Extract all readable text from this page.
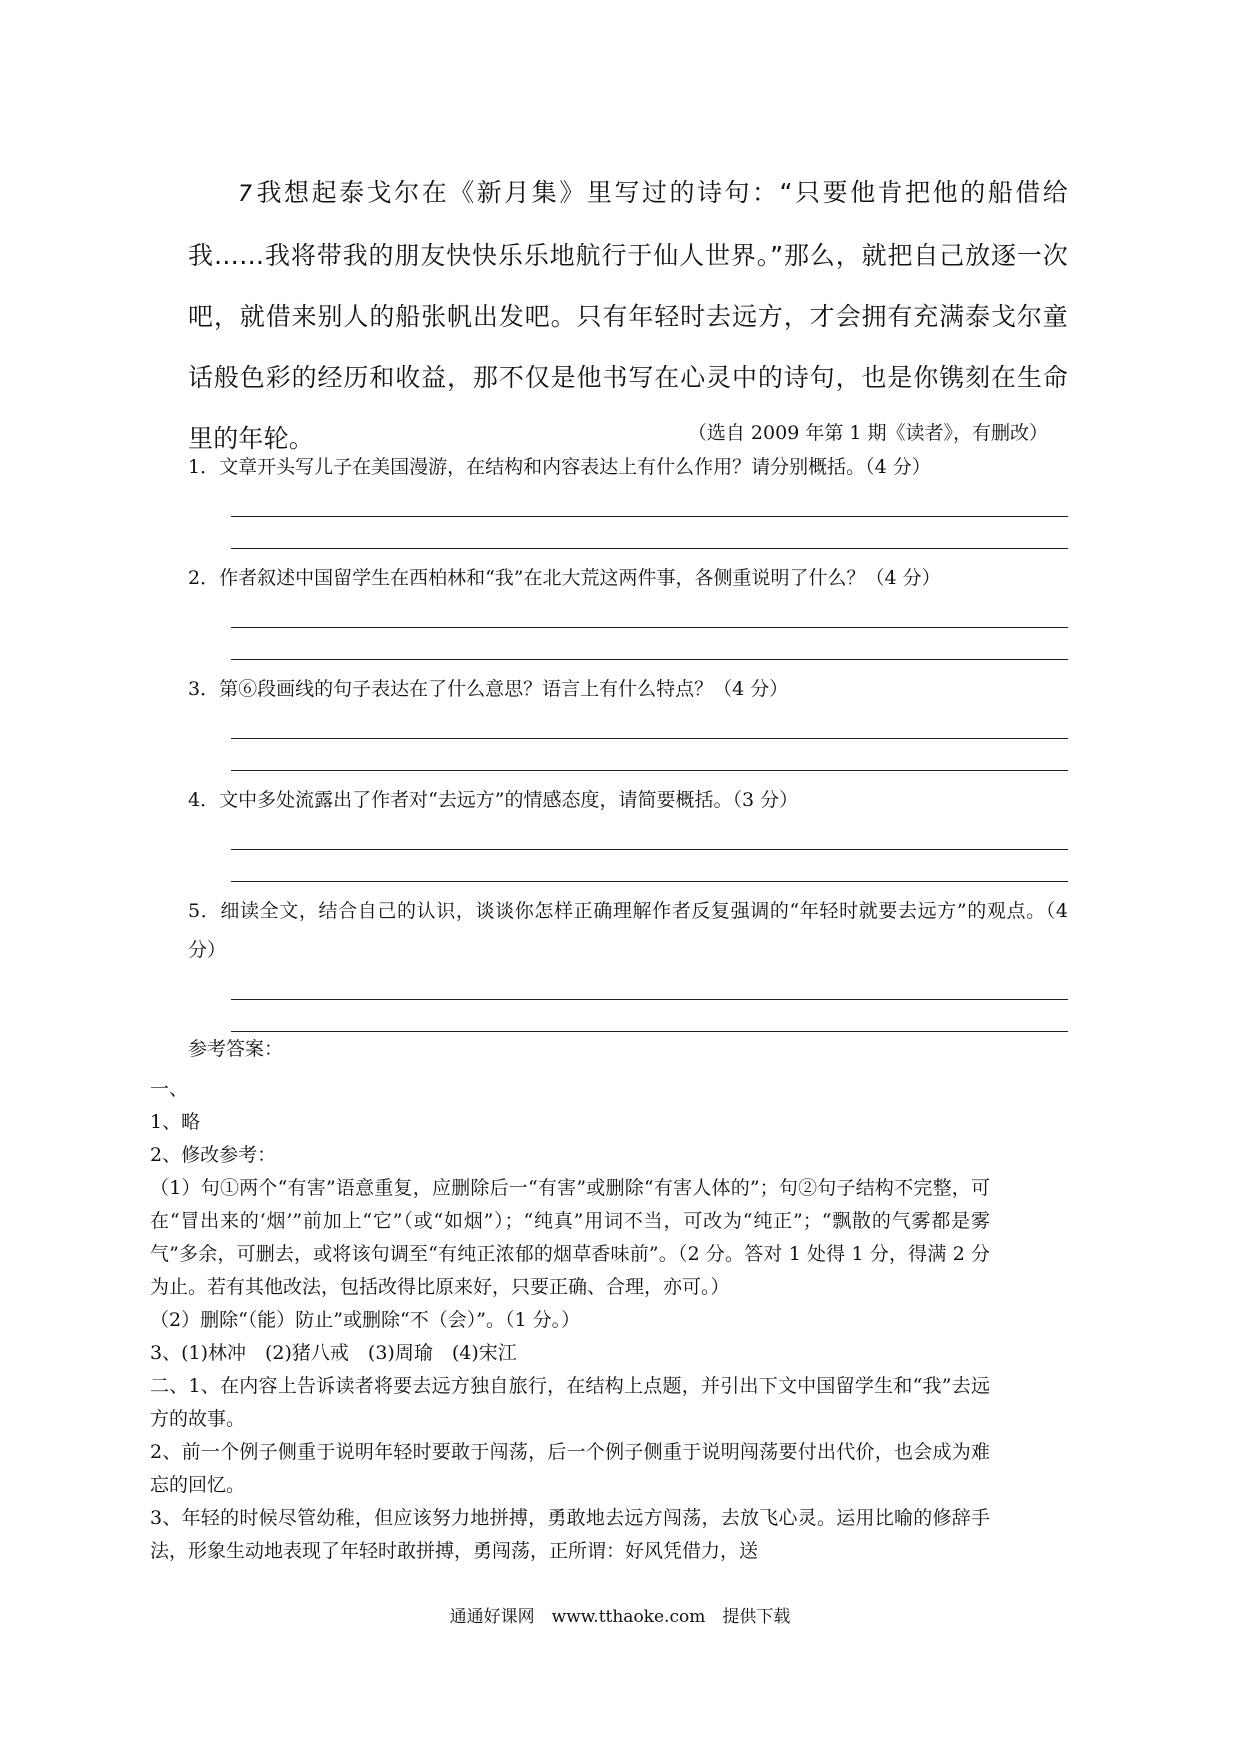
7我想起泰戈尔在《新月集》里写过的诗句：“只要他肯把他的船借给我……我将带我的朋友快快乐乐地航行于仙人世界。”那么，就把自己放逐一次吧，就借来别人的船张帆出发吧。只有年轻时去远方，才会拥有充满泰戈尔童话般色彩的经历和收益，那不仅是他书写在心灵中的诗句，也是你镌刻在生命里的年轮。	（选自 2009 年第 1 期《读者》，有删改）

1．文章开头写儿子在美国漫游，在结构和内容表达上有什么作用？请分别概括。（4 分）

2．作者叙述中国留学生在西柏林和“我”在北大荒这两件事，各侧重说明了什么？（4 分）

3．第⑥段画线的句子表达在了什么意思？语言上有什么特点？（4 分）

4．文中多处流露出了作者对“去远方”的情感态度，请简要概括。（3 分）

5．细读全文，结合自己的认识，谈谈你怎样正确理解作者反复强调的“年轻时就要去远方”的观点。（4 分）

参考答案：

一、

1、略

2、修改参考：

（1）句①两个“有害”语意重复，应删除后一“有害”或删除“有害人体的”；句②句子结构不完整，可在“冒出来的‘烟’”前加上“它”（或“如烟”）；“纯真”用词不当，可改为“纯正”；“飘散的气雾都是雾气”多余，可删去，或将该句调至“有纯正浓郁的烟草香味前”。（2 分。答对 1 处得 1 分，得满 2 分为止。若有其他改法，包括改得比原来好，只要正确、合理，亦可。）

（2）删除“（能）防止”或删除“不（会）”。（1 分。）

3、(1)林冲　(2)猪八戒　(3)周瑜　(4)宋江

二、1、在内容上告诉读者将要去远方独自旅行，在结构上点题，并引出下文中国留学生和“我”去远方的故事。

2、前一个例子侧重于说明年轻时要敢于闯荡，后一个例子侧重于说明闯荡要付出代价，也会成为难忘的回忆。

3、年轻的时候尽管幼稚，但应该努力地拼搏，勇敢地去远方闯荡，去放飞心灵。运用比喻的修辞手法，形象生动地表现了年轻时敢拼搏，勇闯荡，正所谓：好风凭借力，送

通通好课网　www.tthaoke.com　提供下载
